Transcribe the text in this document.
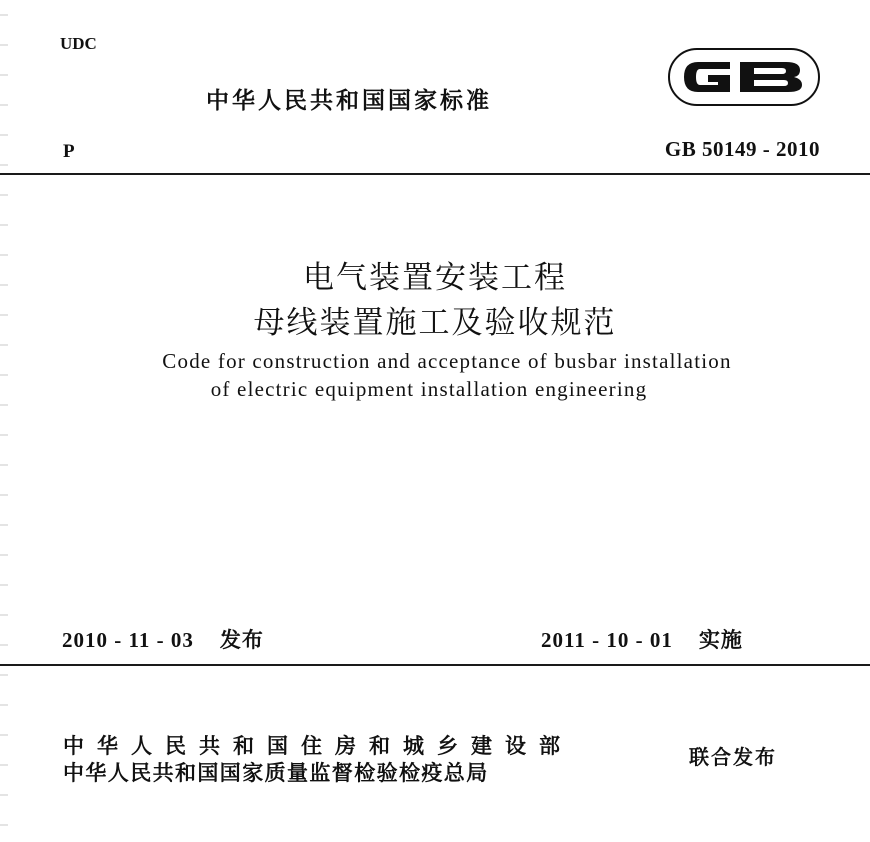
UDC
中华人民共和国国家标准
P	GB 50149 - 2010
电气装置安装工程
母线装置施工及验收规范
Code for construction and acceptance of busbar installation
of electric equipment installation engineering
2010 - 11 - 03 发布	2011 - 10 - 01 实施
中华人民共和国住房和城乡建设部
中华人民共和国国家质量监督检验检疫总局
联合发布
